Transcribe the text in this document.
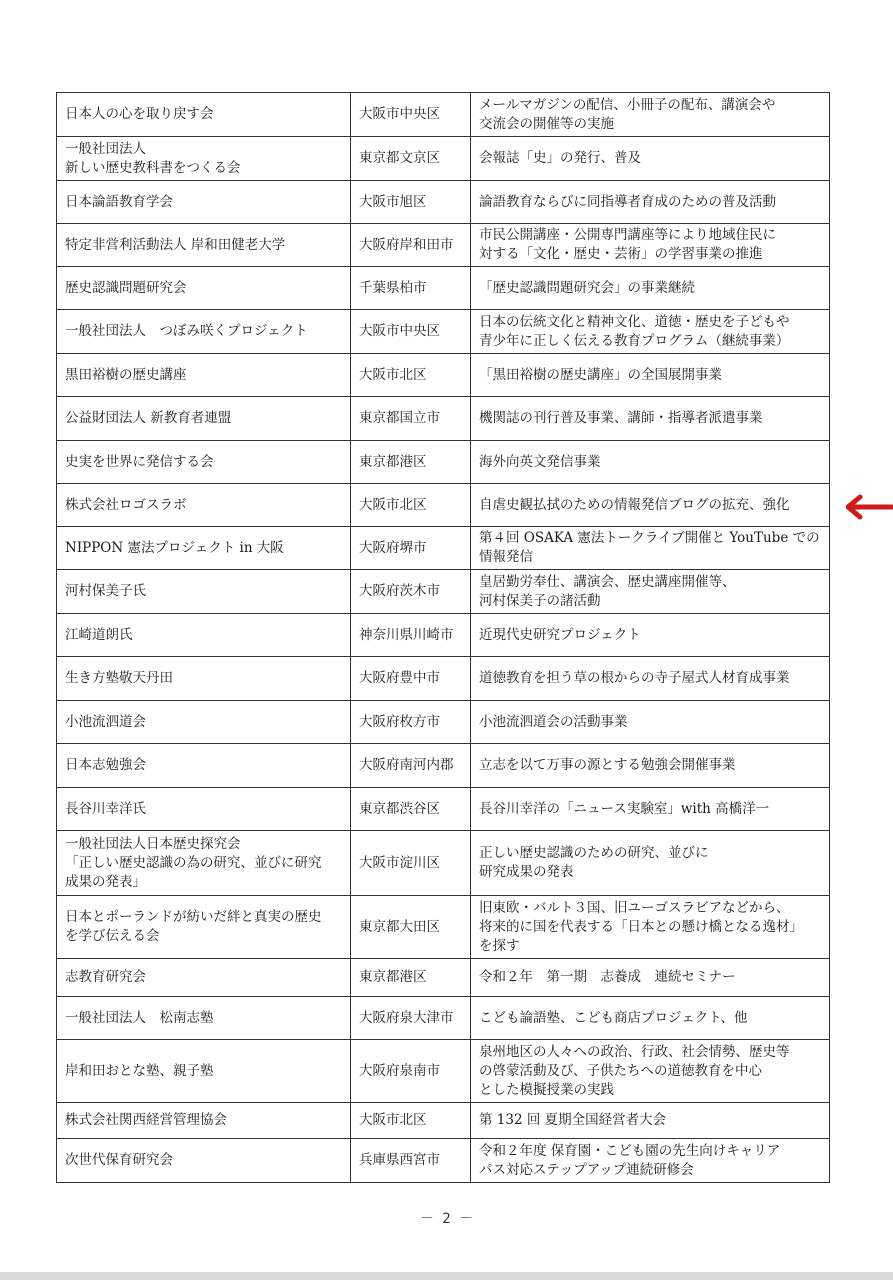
日本人の心を取り戻す会	大阪市中央区	メールマガジンの配信、小冊子の配布、講演会や
交流会の開催等の実施
一般社団法人
新しい歴史教科書をつくる会	東京都文京区	会報誌「史」の発行、普及
日本論語教育学会	大阪市旭区	論語教育ならびに同指導者育成のための普及活動
特定非営利活動法人 岸和田健老大学	大阪府岸和田市	市民公開講座・公開専門講座等により地域住民に
対する「文化・歴史・芸術」の学習事業の推進
歴史認識問題研究会	千葉県柏市	「歴史認識問題研究会」の事業継続
一般社団法人　つぼみ咲くプロジェクト	大阪市中央区	日本の伝統文化と精神文化、道徳・歴史を子どもや
青少年に正しく伝える教育プログラム（継続事業）
黒田裕樹の歴史講座	大阪市北区	「黒田裕樹の歴史講座」の全国展開事業
公益財団法人 新教育者連盟	東京都国立市	機関誌の刊行普及事業、講師・指導者派遣事業
史実を世界に発信する会	東京都港区	海外向英文発信事業
株式会社ロゴスラボ	大阪市北区	自虐史観払拭のための情報発信ブログの拡充、強化
NIPPON 憲法プロジェクト in 大阪	大阪府堺市	第４回 OSAKA 憲法トークライブ開催と YouTube での
情報発信
河村保美子氏	大阪府茨木市	皇居勤労奉仕、講演会、歴史講座開催等、
河村保美子の諸活動
江崎道朗氏	神奈川県川崎市	近現代史研究プロジェクト
生き方塾敬天丹田	大阪府豊中市	道徳教育を担う草の根からの寺子屋式人材育成事業
小池流泗道会	大阪府枚方市	小池流泗道会の活動事業
日本志勉強会	大阪府南河内郡	立志を以て万事の源とする勉強会開催事業
長谷川幸洋氏	東京都渋谷区	長谷川幸洋の「ニュース実験室」with 高橋洋一
一般社団法人日本歴史探究会
「正しい歴史認識の為の研究、並びに研究
成果の発表」	大阪市淀川区	正しい歴史認識のための研究、並びに
研究成果の発表
日本とポーランドが紡いだ絆と真実の歴史
を学び伝える会	東京都大田区	旧東欧・バルト３国、旧ユーゴスラビアなどから、
将来的に国を代表する「日本との懸け橋となる逸材」
を探す
志教育研究会	東京都港区	令和２年　第一期　志養成　連続セミナー
一般社団法人　松南志塾	大阪府泉大津市	こども論語塾、こども商店プロジェクト、他
岸和田おとな塾、親子塾	大阪府泉南市	泉州地区の人々への政治、行政、社会情勢、歴史等
の啓蒙活動及び、子供たちへの道徳教育を中心
とした模擬授業の実践
株式会社関西経営管理協会	大阪市北区	第 132 回 夏期全国経営者大会
次世代保育研究会	兵庫県西宮市	令和２年度 保育園・こども園の先生向けキャリア
パス対応ステップアップ連続研修会
－ 2 －
